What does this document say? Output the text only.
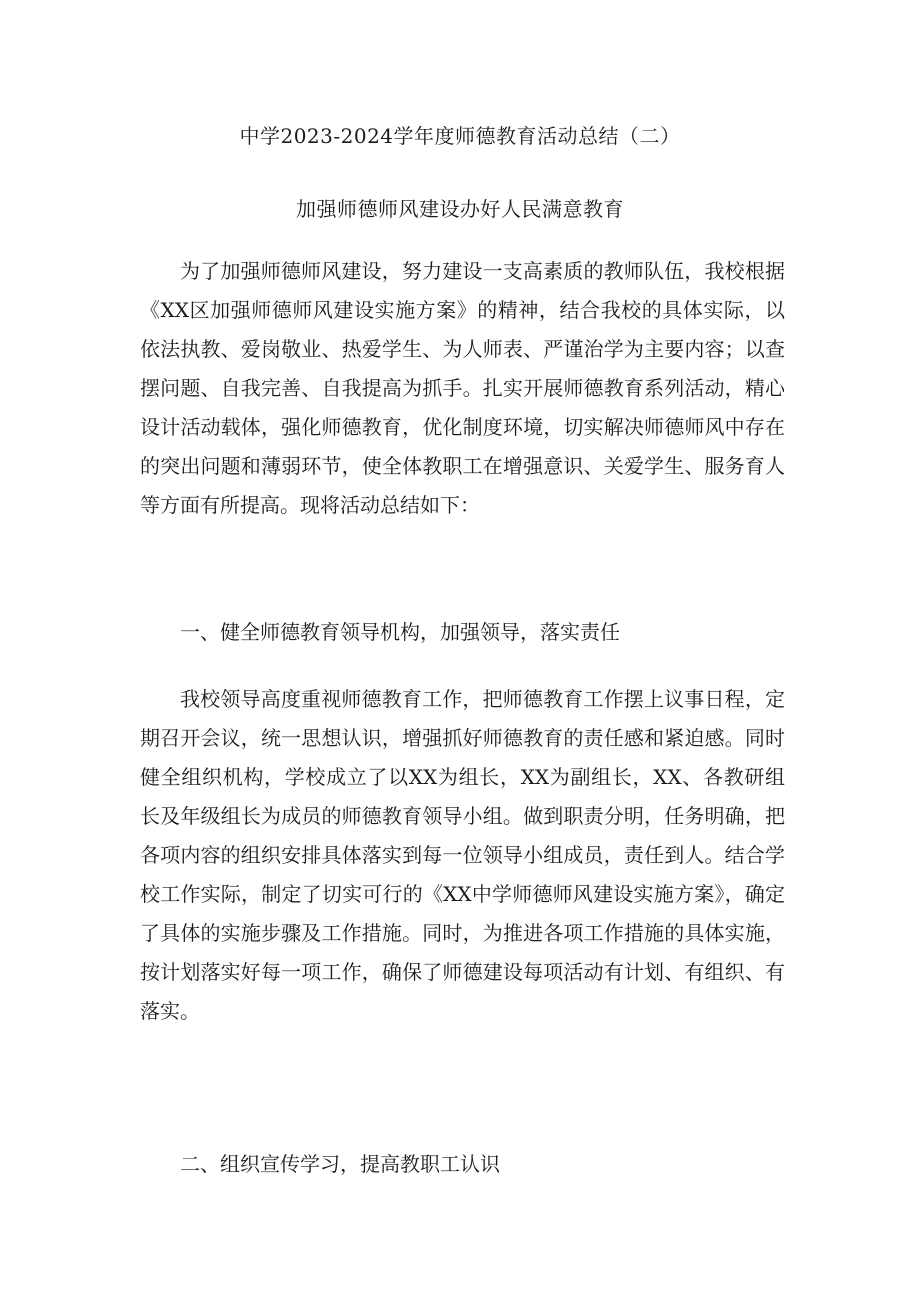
中学2023-2024学年度师德教育活动总结（二）
加强师德师风建设办好人民满意教育

为了加强师德师风建设，努力建设一支高素质的教师队伍，我校根据《XX区加强师德师风建设实施方案》的精神，结合我校的具体实际，以依法执教、爱岗敬业、热爱学生、为人师表、严谨治学为主要内容；以查摆问题、自我完善、自我提高为抓手。扎实开展师德教育系列活动，精心设计活动载体，强化师德教育，优化制度环境，切实解决师德师风中存在的突出问题和薄弱环节，使全体教职工在增强意识、关爱学生、服务育人等方面有所提高。现将活动总结如下：

一、健全师德教育领导机构，加强领导，落实责任

我校领导高度重视师德教育工作，把师德教育工作摆上议事日程，定期召开会议，统一思想认识，增强抓好师德教育的责任感和紧迫感。同时健全组织机构，学校成立了以XX为组长，XX为副组长，XX、各教研组长及年级组长为成员的师德教育领导小组。做到职责分明，任务明确，把各项内容的组织安排具体落实到每一位领导小组成员，责任到人。结合学校工作实际，制定了切实可行的《XX中学师德师风建设实施方案》，确定了具体的实施步骤及工作措施。同时，为推进各项工作措施的具体实施，按计划落实好每一项工作，确保了师德建设每项活动有计划、有组织、有落实。

二、组织宣传学习，提高教职工认识
